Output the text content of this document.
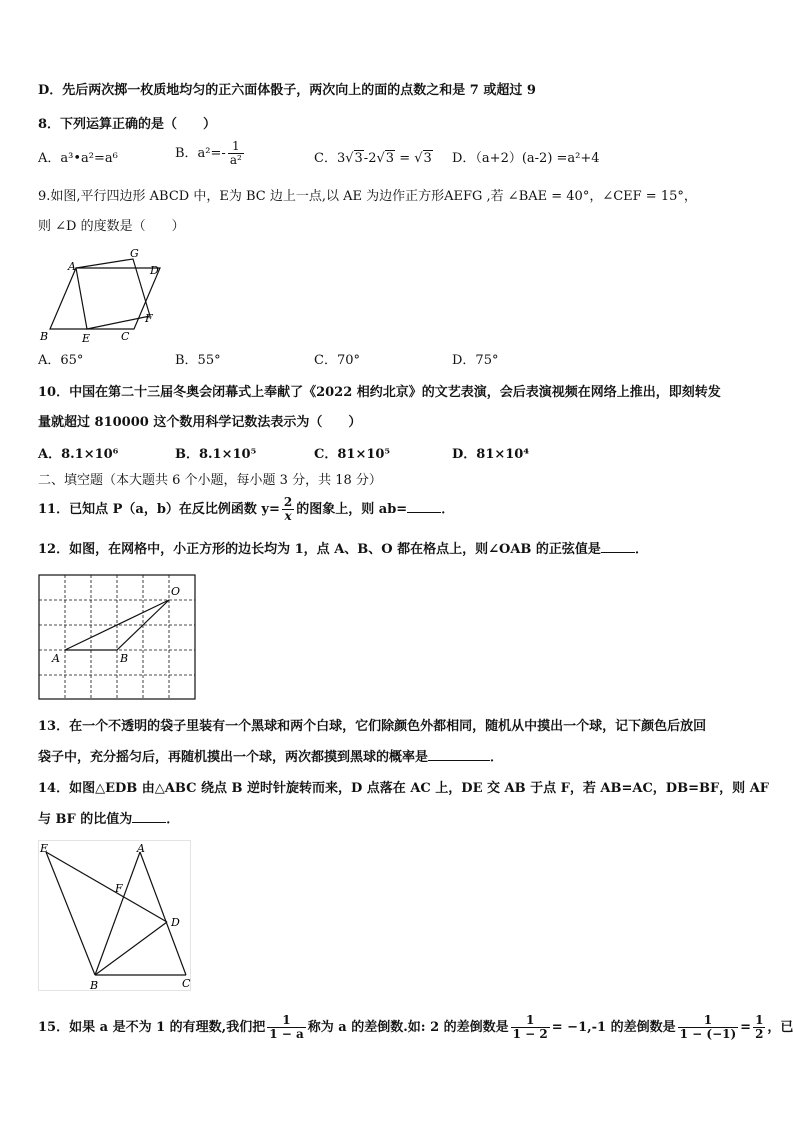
D．先后两次掷一枚质地均匀的正六面体骰子，两次向上的面的点数之和是 7 或超过 9
8．下列运算正确的是（　　）
A．a³•a²=a⁶	B．$a^2=- \frac{1}{\text{a²}}$	C．3√3-2√3 = √3 D．（a+2）(a-2) =a²+4
9.如图,平行四边形 ABCD 中，E为 BC 边上一点,以 AE 为边作正方形AEFG ,若 ∠BAE = 40°，∠CEF = 15°，
则 ∠D 的度数是（　　）
A
G
D
F
B	E	C
A．65°	B．55°	C．70°	D．75°
10．中国在第二十三届冬奥会闭幕式上奉献了《2022 相约北京》的文艺表演，会后表演视频在网络上推出，即刻转发
量就超过 810000 这个数用科学记数法表示为（　　）
A．8.1×10⁶	B．8.1×10⁵	C．81×10⁵	D．81×10⁴
二、填空题（本大题共 6 个小题，每小题 3 分，共 18 分）
11．已知点 P（a，b）在反比例函数 $y= \frac{2}{x}$ 的图象上，则 ab=	．
12．如图，在网格中，小正方形的边长均为 1，点 A、B、O 都在格点上，则∠OAB 的正弦值是	．
O
A	B
13．在一个不透明的袋子里装有一个黑球和两个白球，它们除颜色外都相同，随机从中摸出一个球，记下颜色后放回
袋子中，充分摇匀后，再随机摸出一个球，两次都摸到黑球的概率是	．
14．如图△EDB 由△ABC 绕点 B 逆时针旋转而来，D 点落在 AC 上，DE 交 AB 于点 F，若 AB=AC，DB=BF，则 AF
与 BF 的比值为	．
E	A
F
D
B	C
15．如果 a 是不为 1 的有理数,我们把 $\frac{1}{1 - a}$ 称为 a 的差倒数.如: 2 的差倒数是 $\frac{1}{1 - 2} = -1,-1$ 的差倒数是 $\frac{1}{1 - (-1)} = \frac{1}{2}$ ，已
